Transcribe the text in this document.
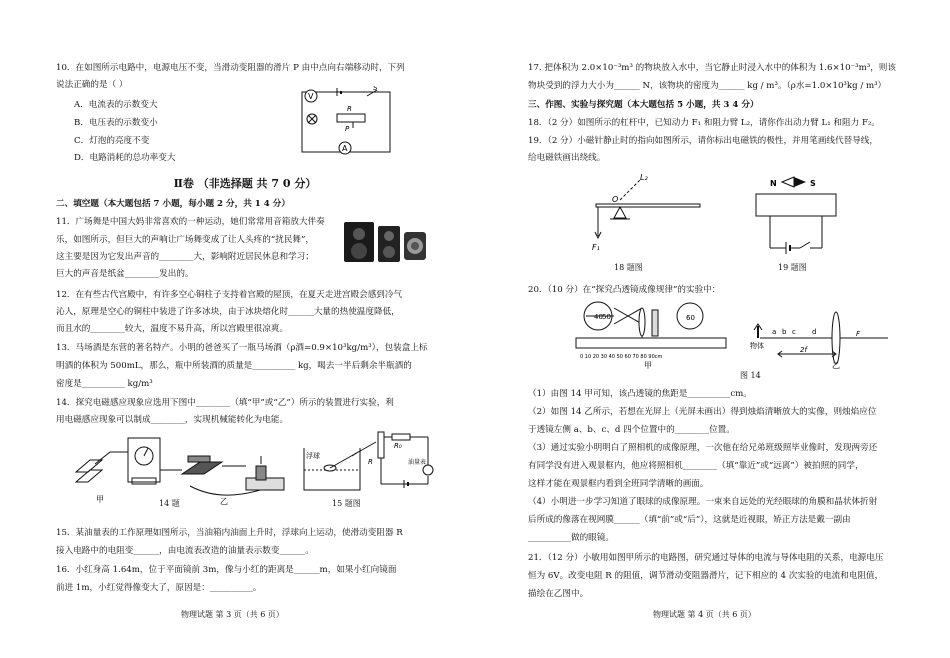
10．在如图所示电路中，电源电压不变，当滑动变阻器的滑片 P 由中点向右端移动时，下列
说法正确的是（ ）
A．电流表的示数变大
B．电压表的示数变小
C．灯泡的亮度不变
D．电路消耗的总功率变大
V
R
P
S
A
Ⅱ卷 （非选择题 共 7 0 分）
二、填空题（本大题包括 7 小题，每小题 2 分，共 1 4 分）
11．广场舞是中国大妈非常喜欢的一种运动，她们常常用音箱放大伴奏
乐，如图所示，但巨大的声响让广场舞变成了让人头疼的“扰民舞”，
这主要是因为它发出声音的________大，影响附近居民休息和学习；
巨大的声音是纸盆________发出的。
12．在有些古代宫殿中，有许多空心铜柱子支持着宫殿的屋顶，在夏天走进宫殿会感到冷气
沁人，原理是空心的铜柱中装进了许多冰块，由于冰块熔化时______大量的热使温度降低，
而且水的________较大，温度不易升高，所以宫殿里很凉爽。
13．马场酒是东营的著名特产。小明的爸爸买了一瓶马场酒（ρ酒=0.9×10³kg/m³），包装盒上标
明酒的体积为 500mL，那么，瓶中所装酒的质量是__________ kg，喝去一半后剩余半瓶酒的
密度是__________ kg/m³
14．探究电磁感应现象应选用下图中________（填“甲”或“乙”）所示的装置进行实验，利
用电磁感应现象可以制成________，实现机械能转化为电能。
甲	乙
14 题
浮球
R
R₀
油量表
15 题图
15．某油量表的工作原理如图所示，当油箱内油面上升时，浮球向上运动，使滑动变阻器 R
接入电路中的电阻变______，由电流表改造的油量表示数变______。
16．小红身高 1.64m，位于平面镜前 3m，像与小红的距离是______m，如果小红向镜面
前进 1m，小红觉得像变大了，原因是：__________。
物理试题 第 3 页（共 6 页）
17. 把体积为 2.0×10⁻³m³ 的物块放入水中，当它静止时浸入水中的体积为 1.6×10⁻³m³，则该
物块受到的浮力大小为______ N，该物块的密度为______ kg / m³。（ρ水=1.0×10³kg / m³）
三、作图、实验与探究题（本大题包括 5 小题，共 3 4 分）
18．（2 分）如图所示的杠杆中，已知动力 F₁ 和阻力臂 L₂，请你作出动力臂 L₁ 和阻力 F₂。
19．（2 分）小磁针静止时的指向如图所示，请你标出电磁铁的极性，并用笔画线代替导线，
给电磁铁画出绕线。
L₂
O
F₁
18 题图
N	S
19 题图
20．（10 分）在“探究凸透镜成像规律”的实验中：
0 10 20 30 40 50 60 70 80 90cm
40 50	60
甲
物体
a b c d
2f
F
乙
图 14
（1）由图 14 甲可知，该凸透镜的焦距是__________cm。
（2）如图 14 乙所示，若想在光屏上（光屏未画出）得到烛焰清晰放大的实像，则烛焰应位
于透镜左侧 a、b、c、d 四个位置中的________位置。
（3）通过实验小明明白了照相机的成像原理，一次他在给兄弟班级照毕业像时，发现两旁还
有同学没有进入观景框内，他应将照相机________（填“靠近”或“远离”）被拍照的同学，
这样才能在观景框内看到全班同学清晰的画面。
（4）小明进一步学习知道了眼球的成像原理。一束来自远处的光经眼球的角膜和晶状体折射
后所成的像落在视网膜______（填“前”或“后”），这就是近视眼，矫正方法是戴一副由
__________做的眼镜。
21．（12 分）小敏用如图甲所示的电路图，研究通过导体的电流与导体电阻的关系，电源电压
恒为 6V。改变电阻 R 的阻值，调节滑动变阻器滑片，记下相应的 4 次实验的电流和电阻值，
描绘在乙图中。
物理试题 第 4 页（共 6 页）
